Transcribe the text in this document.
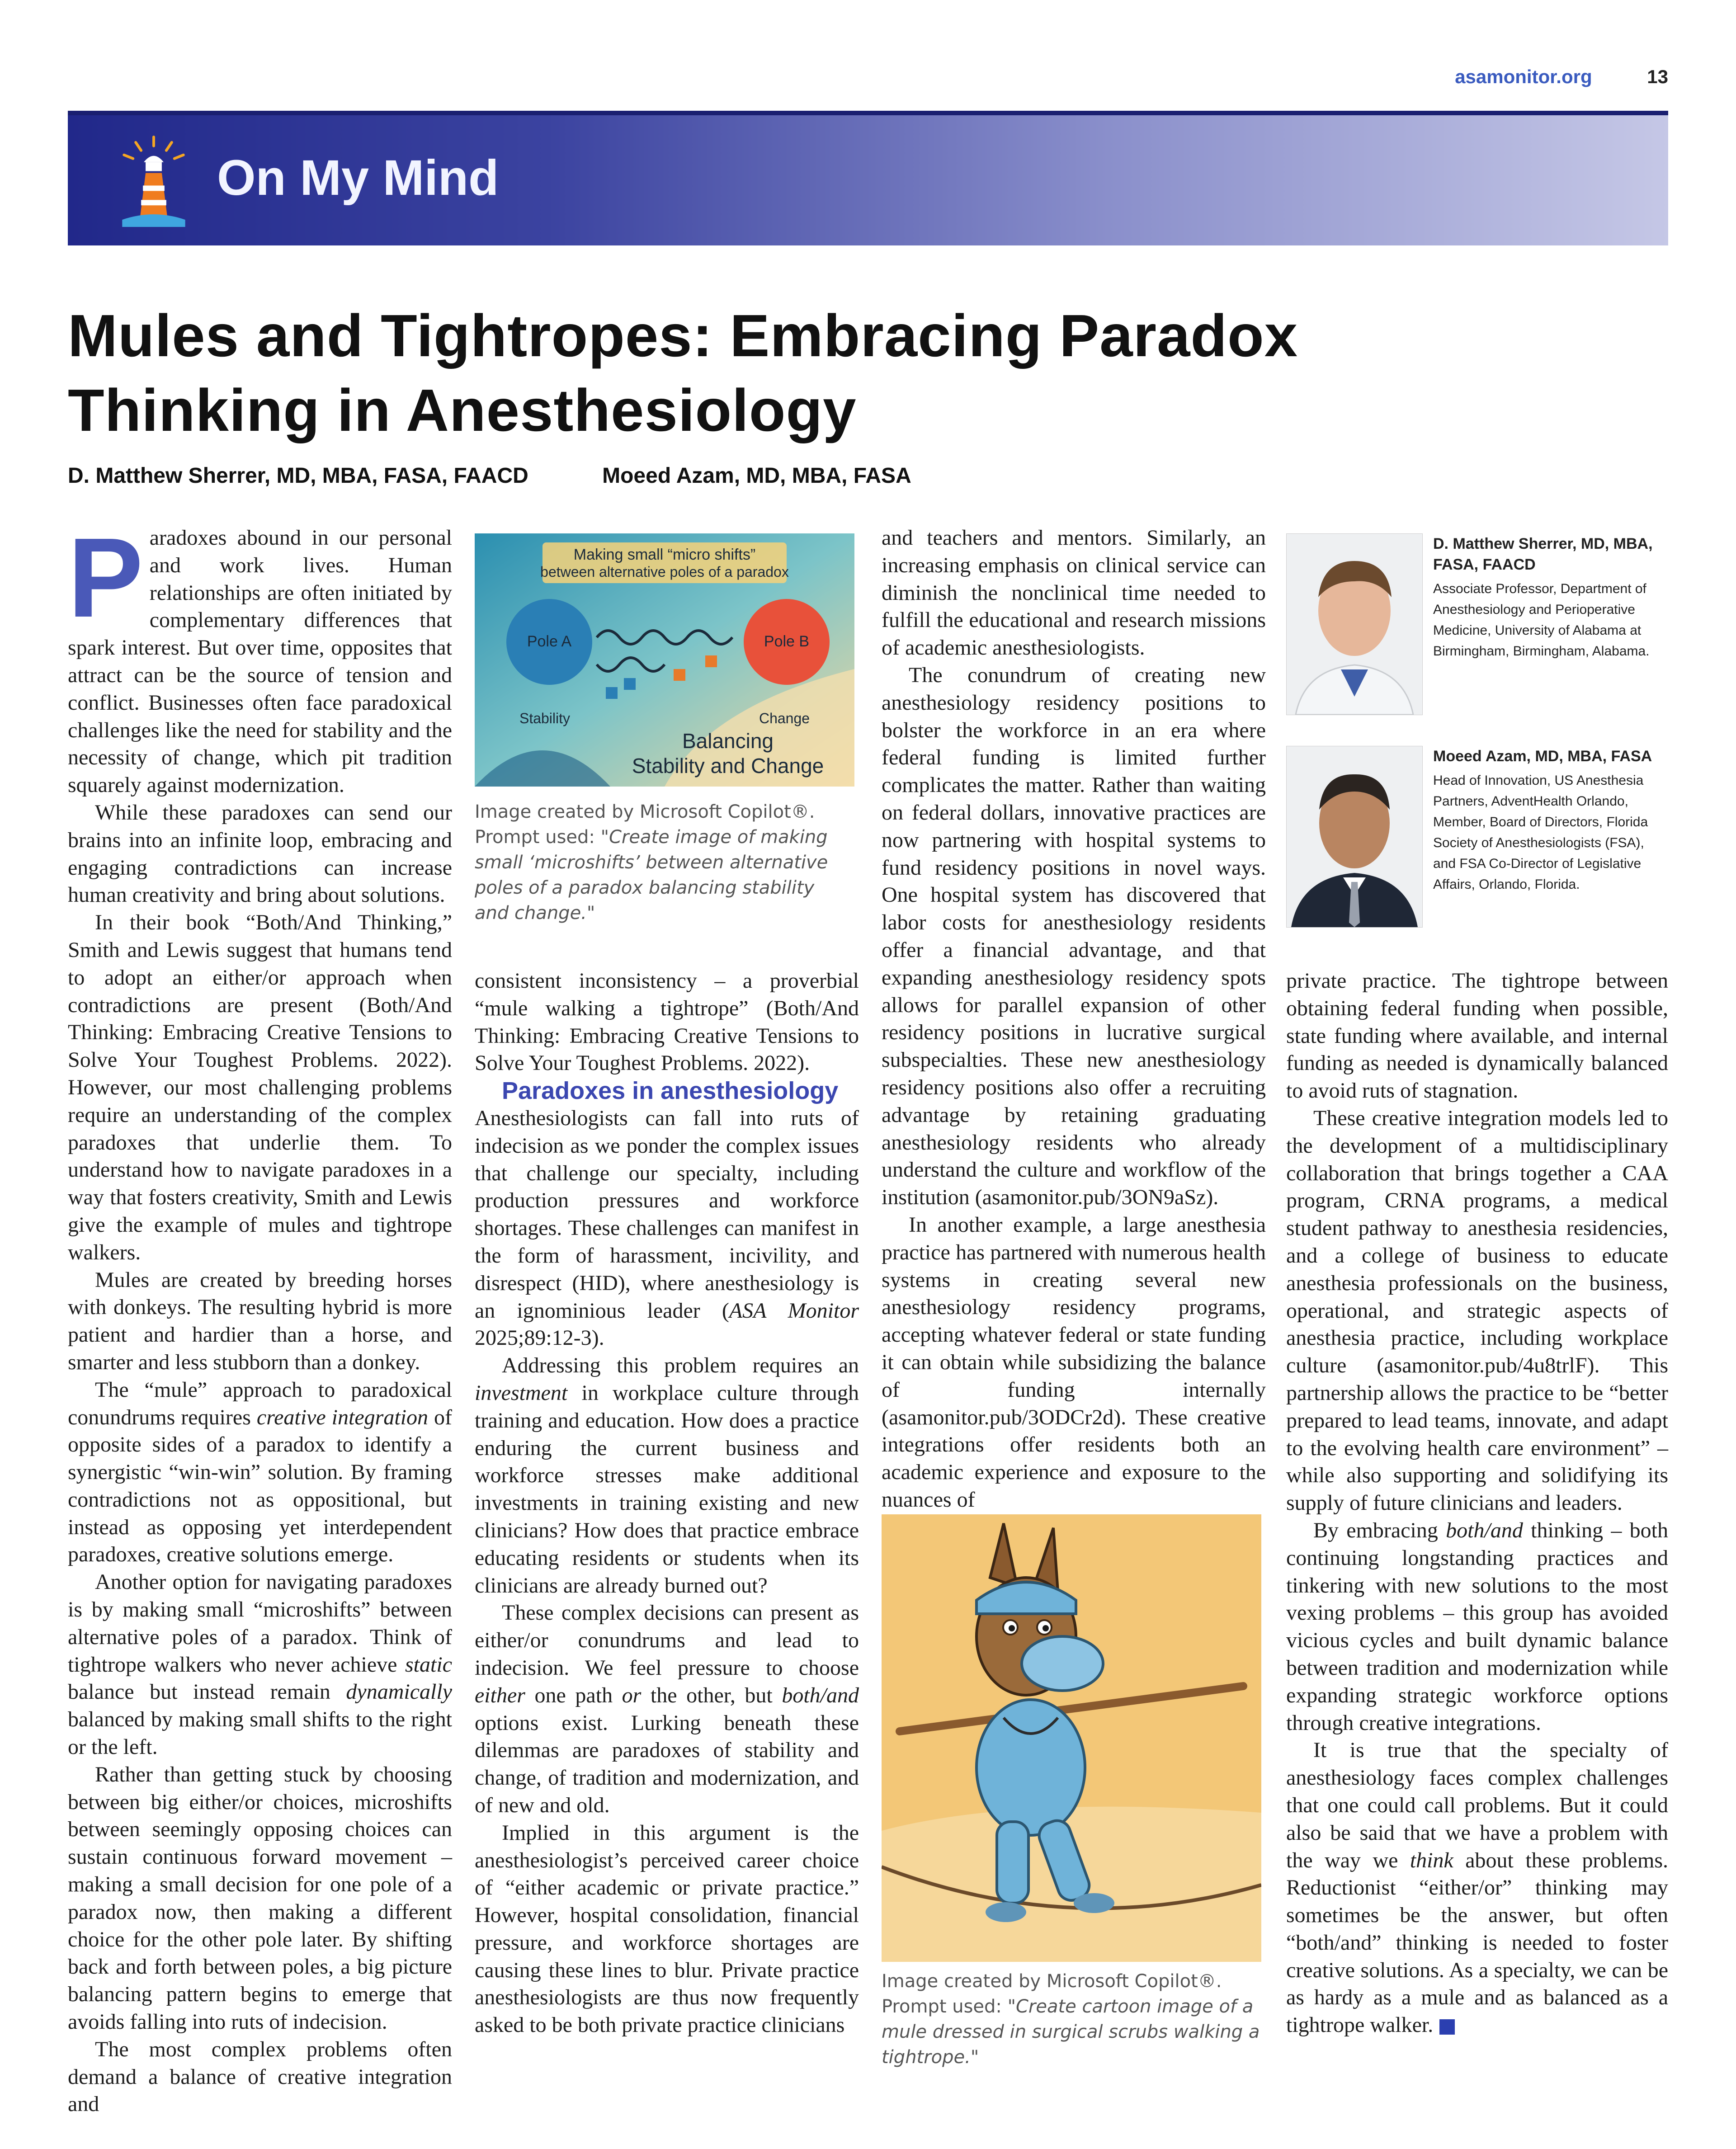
asamonitor.org	13
On My Mind
Mules and Tightropes: Embracing Paradox
Thinking in Anesthesiology
D. Matthew Sherrer, MD, MBA, FASA, FAACD	Moeed Azam, MD, MBA, FASA

Paradoxes abound in our personal and work lives. Human relationships are often initiated by complementary differences that spark interest. But over time, opposites that attract can be the source of tension and conflict. Businesses often face paradoxical challenges like the need for stability and the necessity of change, which pit tradition squarely against modernization.

While these paradoxes can send our brains into an infinite loop, embracing and engaging contradictions can increase human creativity and bring about solutions.

In their book “Both/And Thinking,” Smith and Lewis suggest that humans tend to adopt an either/or approach when contradictions are present (Both/And Thinking: Embracing Creative Tensions to Solve Your Toughest Problems. 2022). However, our most challenging problems require an understanding of the complex paradoxes that underlie them. To understand how to navigate paradoxes in a way that fosters creativity, Smith and Lewis give the example of mules and tightrope walkers.

Mules are created by breeding horses with donkeys. The resulting hybrid is more patient and hardier than a horse, and smarter and less stubborn than a donkey.

The “mule” approach to paradoxical conundrums requires creative integration of opposite sides of a paradox to identify a synergistic “win-win” solution. By framing contradictions not as oppositional, but instead as opposing yet interdependent paradoxes, creative solutions emerge.

Another option for navigating paradoxes is by making small “microshifts” between alternative poles of a paradox. Think of tightrope walkers who never achieve static balance but instead remain dynamically balanced by making small shifts to the right or the left.

Rather than getting stuck by choosing between big either/or choices, microshifts between seemingly opposing choices can sustain continuous forward movement – making a small decision for one pole of a paradox now, then making a different choice for the other pole later. By shifting back and forth between poles, a big picture balancing pattern begins to emerge that avoids falling into ruts of indecision.

The most complex problems often demand a balance of creative integration and

Making small “micro shifts”
between alternative poles of a paradox
Pole A	Pole B
Stability	Change
Balancing
Stability and Change
Image created by Microsoft Copilot®. Prompt used: "Create image of making small ‘microshifts’ between alternative poles of a paradox balancing stability and change."

consistent inconsistency – a proverbial “mule walking a tightrope” (Both/And Thinking: Embracing Creative Tensions to Solve Your Toughest Problems. 2022).

Paradoxes in anesthesiology

Anesthesiologists can fall into ruts of indecision as we ponder the complex issues that challenge our specialty, including production pressures and workforce shortages. These challenges can manifest in the form of harassment, incivility, and disrespect (HID), where anesthesiology is an ignominious leader (ASA Monitor 2025;89:12-3).

Addressing this problem requires an investment in workplace culture through training and education. How does a practice enduring the current business and workforce stresses make additional investments in training existing and new clinicians? How does that practice embrace educating residents or students when its clinicians are already burned out?

These complex decisions can present as either/or conundrums and lead to indecision. We feel pressure to choose either one path or the other, but both/and options exist. Lurking beneath these dilemmas are paradoxes of stability and change, of tradition and modernization, and of new and old.

Implied in this argument is the anesthesiologist’s perceived career choice of “either academic or private practice.” However, hospital consolidation, financial pressure, and workforce shortages are causing these lines to blur. Private practice anesthesiologists are thus now frequently asked to be both private practice clinicians

and teachers and mentors. Similarly, an increasing emphasis on clinical service can diminish the nonclinical time needed to fulfill the educational and research missions of academic anesthesiologists.

The conundrum of creating new anesthesiology residency positions to bolster the workforce in an era where federal funding is limited further complicates the matter. Rather than waiting on federal dollars, innovative practices are now partnering with hospital systems to fund residency positions in novel ways. One hospital system has discovered that labor costs for anesthesiology residents offer a financial advantage, and that expanding anesthesiology residency spots allows for parallel expansion of other residency positions in lucrative surgical subspecialties. These new anesthesiology residency positions also offer a recruiting advantage by retaining graduating anesthesiology residents who already understand the culture and workflow of the institution (asamonitor.pub/3ON9aSz).

In another example, a large anesthesia practice has partnered with numerous health systems in creating several new anesthesiology residency programs, accepting whatever federal or state funding it can obtain while subsidizing the balance of funding internally (asamonitor.pub/3ODCr2d). These creative integrations offer residents both an academic experience and exposure to the nuances of

Image created by Microsoft Copilot®. Prompt used: "Create cartoon image of a mule dressed in surgical scrubs walking a tightrope."
D. Matthew Sherrer, MD, MBA,
FASA, FAACD
Associate Professor, Department of Anesthesiology and Perioperative Medicine, University of Alabama at Birmingham, Birmingham, Alabama.
Moeed Azam, MD, MBA, FASA
Head of Innovation, US Anesthesia Partners, AdventHealth Orlando, Member, Board of Directors, Florida Society of Anesthesiologists (FSA), and FSA Co-Director of Legislative Affairs, Orlando, Florida.

private practice. The tightrope between obtaining federal funding when possible, state funding where available, and internal funding as needed is dynamically balanced to avoid ruts of stagnation.

These creative integration models led to the development of a multidisciplinary collaboration that brings together a CAA program, CRNA programs, a medical student pathway to anesthesia residencies, and a college of business to educate anesthesia professionals on the business, operational, and strategic aspects of anesthesia practice, including workplace culture (asamonitor.pub/4u8trlF). This partnership allows the practice to be “better prepared to lead teams, innovate, and adapt to the evolving health care environment” – while also supporting and solidifying its supply of future clinicians and leaders.

By embracing both/and thinking – both continuing longstanding practices and tinkering with new solutions to the most vexing problems – this group has avoided vicious cycles and built dynamic balance between tradition and modernization while expanding strategic workforce options through creative integrations.

It is true that the specialty of anesthesiology faces complex challenges that one could call problems. But it could also be said that we have a problem with the way we think about these problems. Reductionist “either/or” thinking may sometimes be the answer, but often “both/and” thinking is needed to foster creative solutions. As a specialty, we can be as hardy as a mule and as balanced as a tightrope walker.
